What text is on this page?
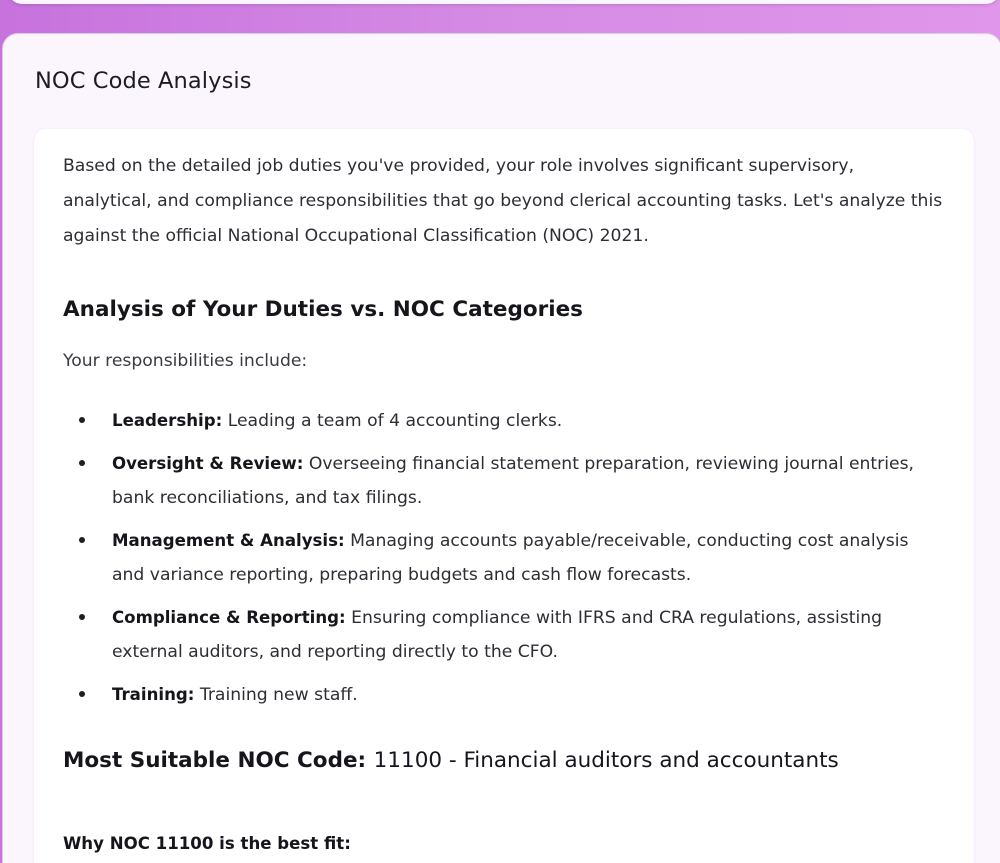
NOC Code Analysis

Based on the detailed job duties you've provided, your role involves significant supervisory, analytical, and compliance responsibilities that go beyond clerical accounting tasks. Let's analyze this against the official National Occupational Classification (NOC) 2021.

Analysis of Your Duties vs. NOC Categories

Your responsibilities include:

Leadership: Leading a team of 4 accounting clerks.
Oversight & Review: Overseeing financial statement preparation, reviewing journal entries, bank reconciliations, and tax filings.
Management & Analysis: Managing accounts payable/receivable, conducting cost analysis and variance reporting, preparing budgets and cash flow forecasts.
Compliance & Reporting: Ensuring compliance with IFRS and CRA regulations, assisting external auditors, and reporting directly to the CFO.
Training: Training new staff.
Most Suitable NOC Code: 11100 - Financial auditors and accountants

Why NOC 11100 is the best fit:
